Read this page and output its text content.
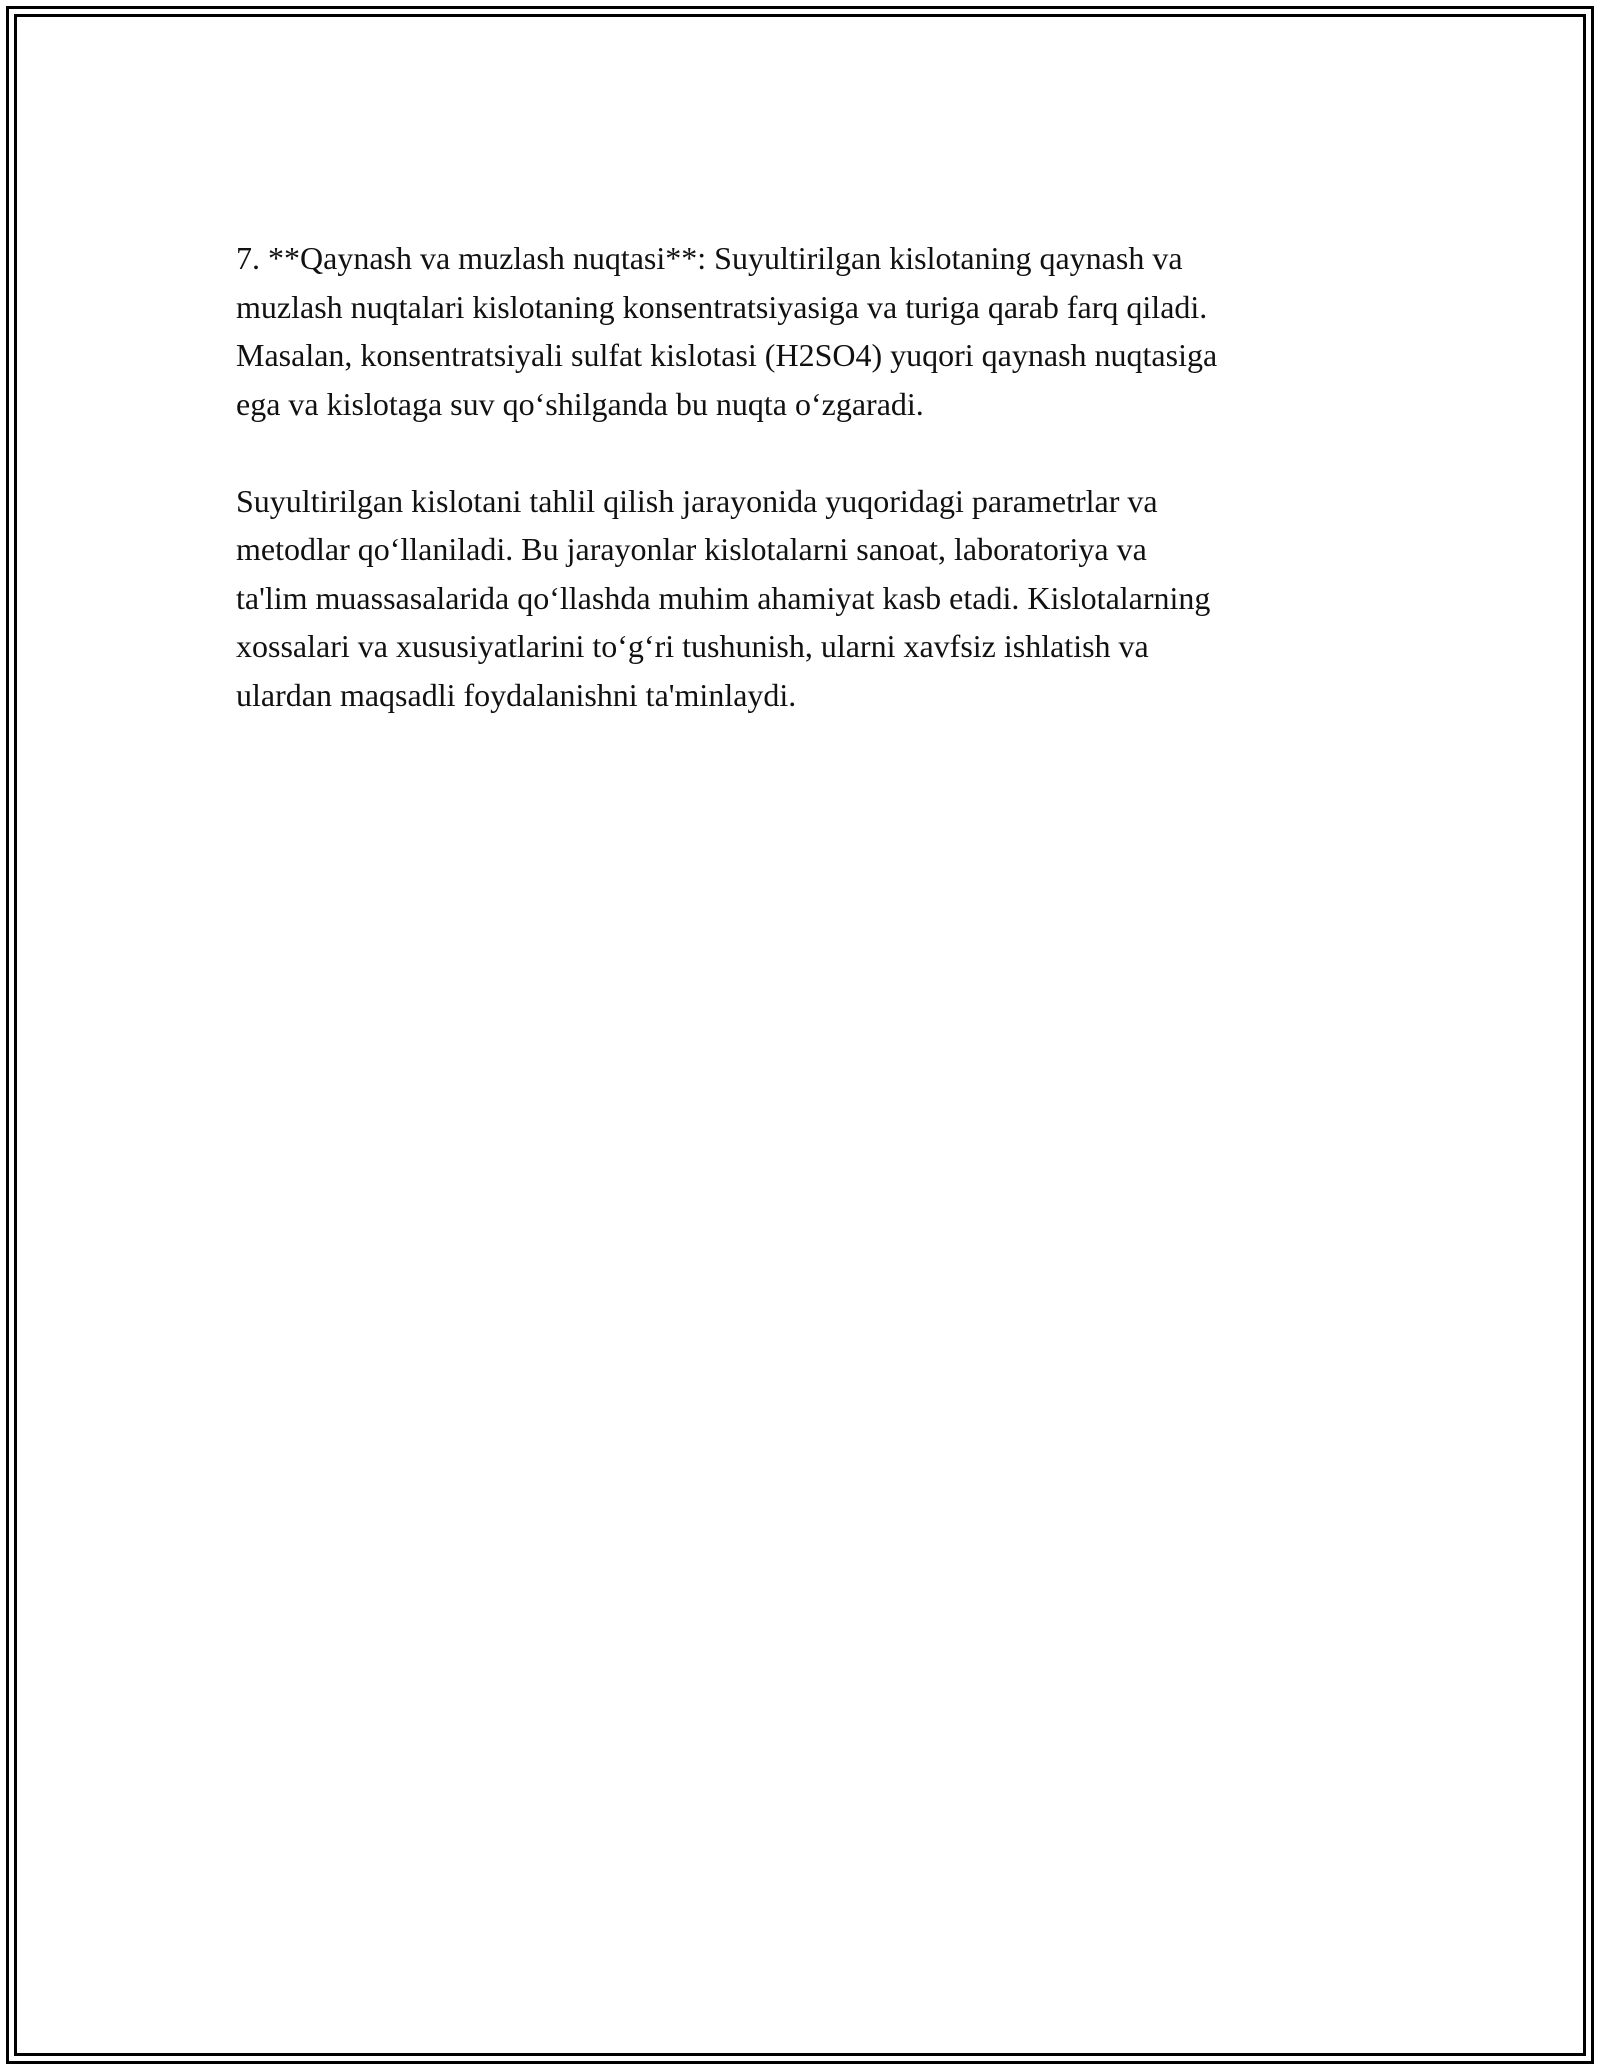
7. **Qaynash va muzlash nuqtasi**: Suyultirilgan kislotaning qaynash va
muzlash nuqtalari kislotaning konsentratsiyasiga va turiga qarab farq qiladi.
Masalan, konsentratsiyali sulfat kislotasi (H2SO4) yuqori qaynash nuqtasiga
ega va kislotaga suv qo‘shilganda bu nuqta o‘zgaradi.

Suyultirilgan kislotani tahlil qilish jarayonida yuqoridagi parametrlar va
metodlar qo‘llaniladi. Bu jarayonlar kislotalarni sanoat, laboratoriya va
ta'lim muassasalarida qo‘llashda muhim ahamiyat kasb etadi. Kislotalarning
xossalari va xususiyatlarini to‘g‘ri tushunish, ularni xavfsiz ishlatish va
ulardan maqsadli foydalanishni ta'minlaydi.
